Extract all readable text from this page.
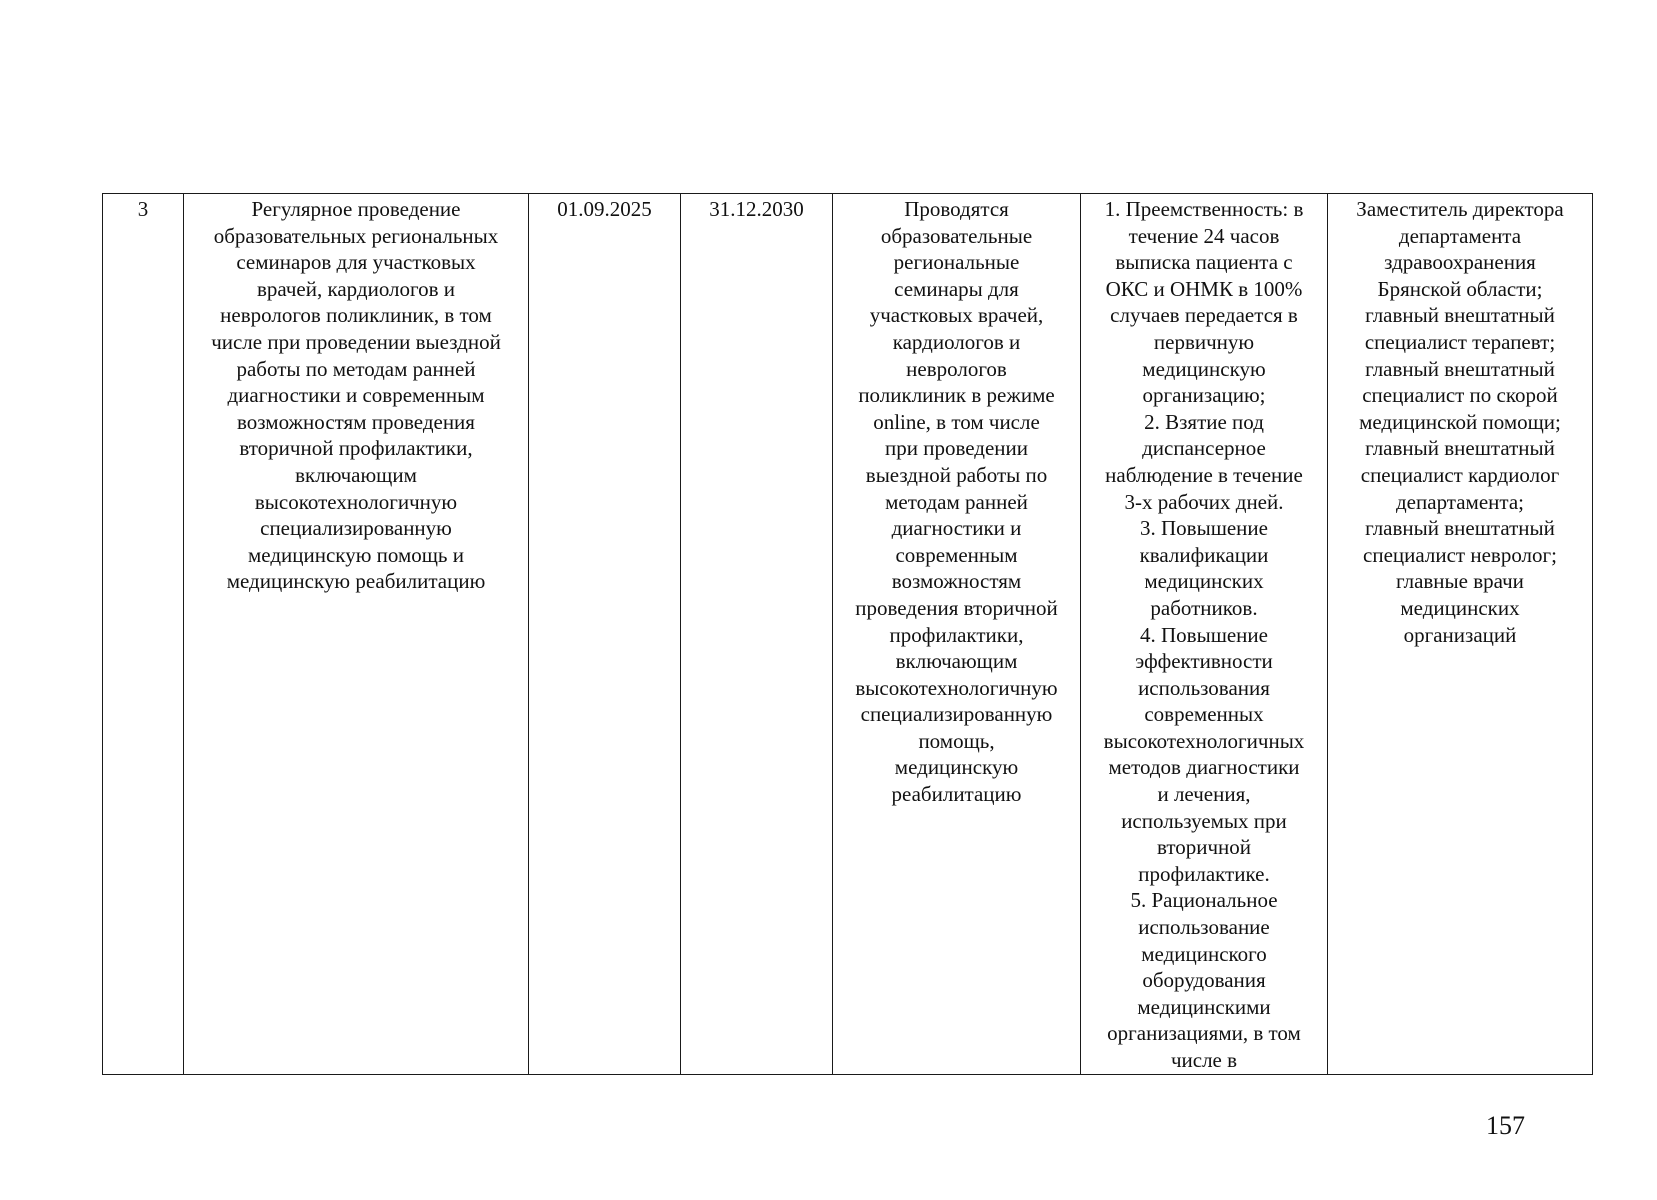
3	Регулярное проведение
образовательных региональных
семинаров для участковых
врачей, кардиологов и
неврологов поликлиник, в том
числе при проведении выездной
работы по методам ранней
диагностики и современным
возможностям проведения
вторичной профилактики,
включающим
высокотехнологичную
специализированную
медицинскую помощь и
медицинскую реабилитацию	01.09.2025	31.12.2030	Проводятся
образовательные
региональные
семинары для
участковых врачей,
кардиологов и
неврологов
поликлиник в режиме
online, в том числе
при проведении
выездной работы по
методам ранней
диагностики и
современным
возможностям
проведения вторичной
профилактики,
включающим
высокотехнологичную
специализированную
помощь,
медицинскую
реабилитацию	1. Преемственность: в
течение 24 часов
выписка пациента с
ОКС и ОНМК в 100%
случаев передается в
первичную
медицинскую
организацию;
2. Взятие под
диспансерное
наблюдение в течение
3-х рабочих дней.
3. Повышение
квалификации
медицинских
работников.
4. Повышение
эффективности
использования
современных
высокотехнологичных
методов диагностики
и лечения,
используемых при
вторичной
профилактике.
5. Рациональное
использование
медицинского
оборудования
медицинскими
организациями, в том
числе в	Заместитель директора
департамента
здравоохранения
Брянской области;
главный внештатный
специалист терапевт;
главный внештатный
специалист по скорой
медицинской помощи;
главный внештатный
специалист кардиолог
департамента;
главный внештатный
специалист невролог;
главные врачи
медицинских
организаций
157
